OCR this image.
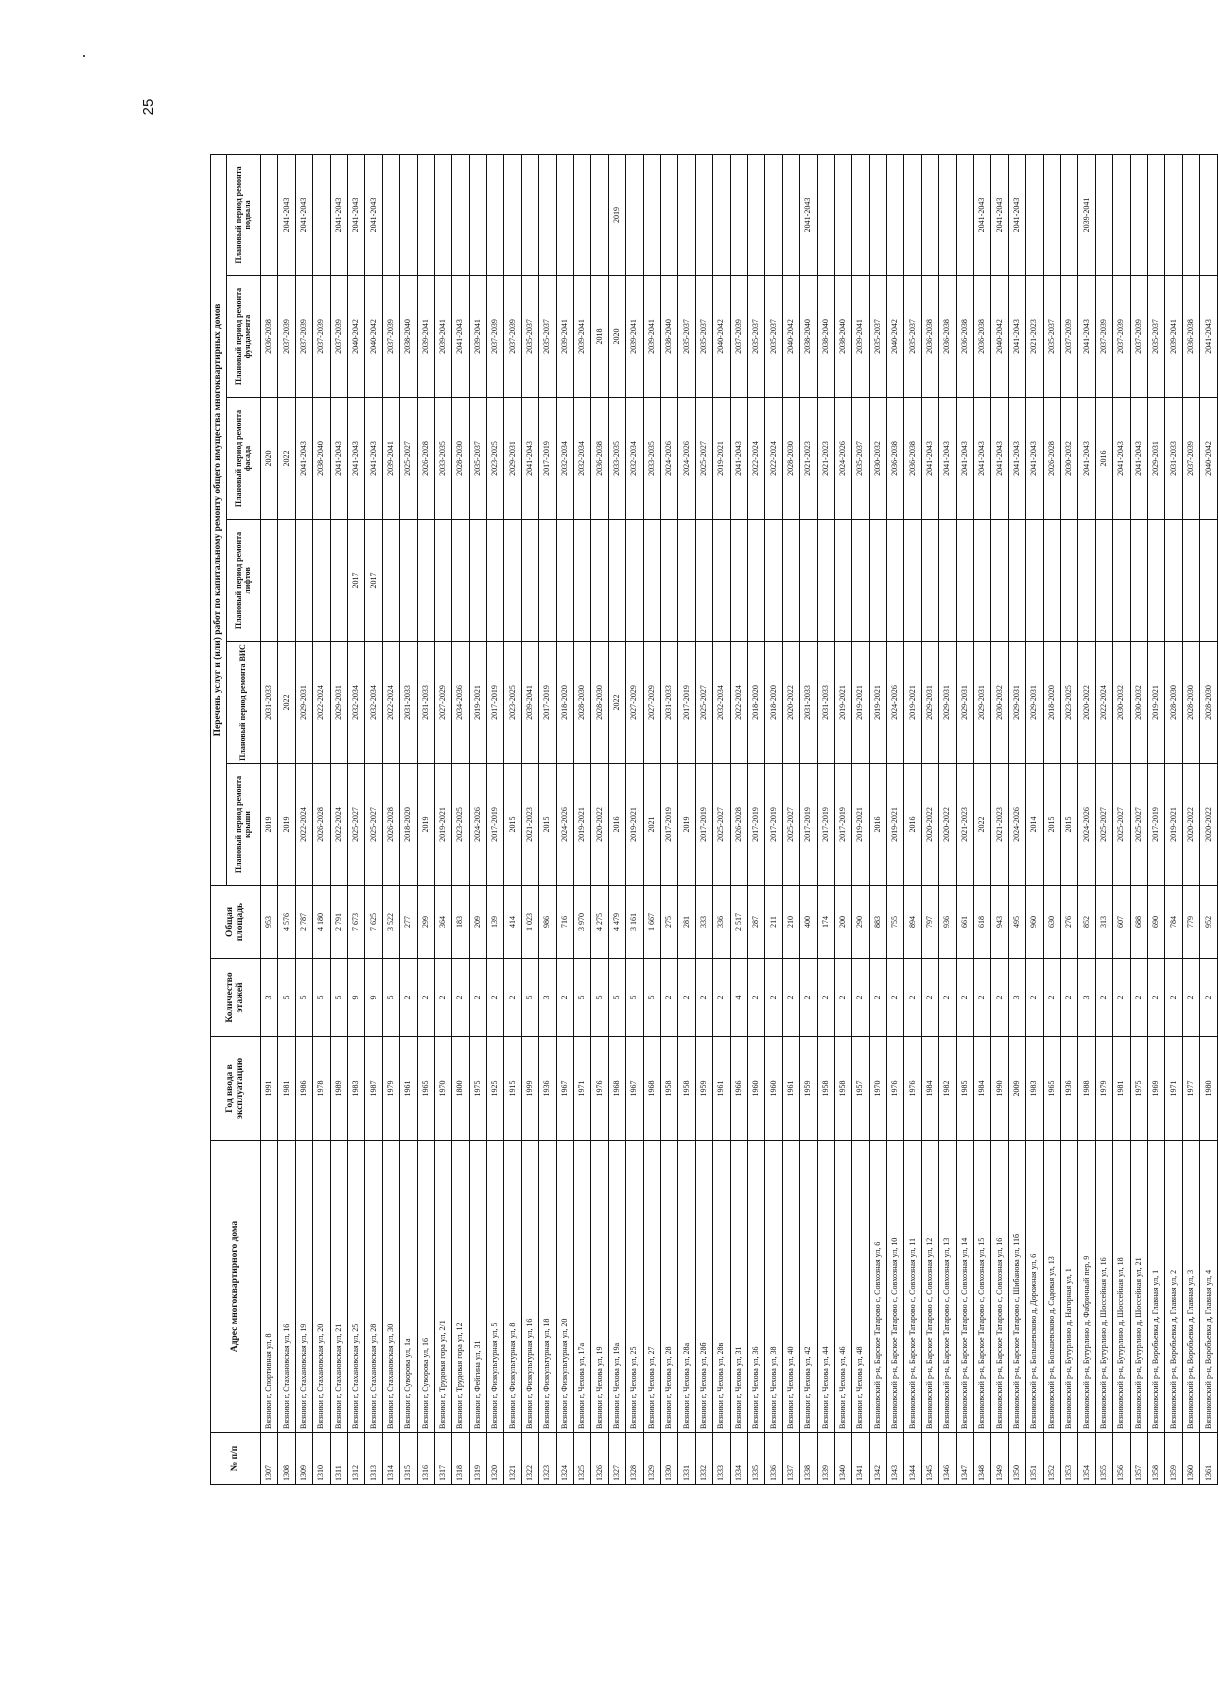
25
№ п/п	Адрес многоквартирного дома	Год ввода в эксплуатацию	Количество этажей	Общая площадь	Перечень услуг и (или) работ по капитальному ремонту общего имущества многоквартирных домов					
					Плановый период ремонта крыши	Плановый период ремонта ВИС	Плановый период ремонта лифтов	Плановый период ремонта фасада	Плановый период ремонта фундамента	Плановый период ремонта подвала
1307	Вязники г, Спортивная ул, 8	1991	3	953	2019	2031-2033		2020	2036-2038	
1308	Вязники г, Стахановская ул, 16	1981	5	4 576	2019	2022		2022	2037-2039	2041-2043
1309	Вязники г, Стахановская ул, 19	1986	5	2 787	2022-2024	2029-2031		2041-2043	2037-2039	2041-2043
1310	Вязники г, Стахановская ул, 20	1978	5	4 180	2026-2028	2022-2024		2038-2040	2037-2039	
1311	Вязники г, Стахановская ул, 21	1989	5	2 791	2022-2024	2029-2031		2041-2043	2037-2039	2041-2043
1312	Вязники г, Стахановская ул, 25	1983	9	7 673	2025-2027	2032-2034	2017	2041-2043	2040-2042	2041-2043
1313	Вязники г, Стахановская ул, 28	1987	9	7 625	2025-2027	2032-2034	2017	2041-2043	2040-2042	2041-2043
1314	Вязники г, Стахановская ул, 30	1979	5	3 522	2026-2028	2022-2024		2039-2041	2037-2039	
1315	Вязники г, Суворова ул, 1а	1961	2	277	2018-2020	2031-2033		2025-2027	2038-2040	
1316	Вязники г, Суворова ул, 16	1965	2	299	2019	2031-2033		2026-2028	2039-2041	
1317	Вязники г, Трудовая гора ул, 2/1	1970	2	364	2019-2021	2027-2029		2033-2035	2039-2041	
1318	Вязники г, Трудовая гора ул, 12	1800	2	183	2023-2025	2034-2036		2028-2030	2041-2043	
1319	Вязники г, Фейгина ул, 31	1975	2	209	2024-2026	2019-2021		2035-2037	2039-2041	
1320	Вязники г, Физкультурная ул, 5	1925	2	139	2017-2019	2017-2019		2023-2025	2037-2039	
1321	Вязники г, Физкультурная ул, 8	1915	2	414	2015	2023-2025		2029-2031	2037-2039	
1322	Вязники г, Физкультурная ул, 16	1999	5	1 023	2021-2023	2039-2041		2041-2043	2035-2037	
1323	Вязники г, Физкультурная ул, 18	1936	3	986	2015	2017-2019		2017-2019	2035-2037	
1324	Вязники г, Физкультурная ул, 20	1967	2	716	2024-2026	2018-2020		2032-2034	2039-2041	
1325	Вязники г, Чехова ул, 17а	1971	5	3 970	2019-2021	2028-2030		2032-2034	2039-2041	
1326	Вязники г, Чехова ул, 19	1976	5	4 275	2020-2022	2028-2030		2036-2038	2018	
1327	Вязники г, Чехова ул, 19а	1968	5	4 479	2016	2022		2033-2035	2020	2019
1328	Вязники г, Чехова ул, 25	1967	5	3 161	2019-2021	2027-2029		2032-2034	2039-2041	
1329	Вязники г, Чехова ул, 27	1968	5	1 667	2021	2027-2029		2033-2035	2039-2041	
1330	Вязники г, Чехова ул, 28	1958	2	275	2017-2019	2031-2033		2024-2026	2038-2040	
1331	Вязники г, Чехова ул, 28а	1958	2	281	2019	2017-2019		2024-2026	2035-2037	
1332	Вязники г, Чехова ул, 28б	1959	2	333	2017-2019	2025-2027		2025-2027	2035-2037	
1333	Вязники г, Чехова ул, 28в	1961	2	336	2025-2027	2032-2034		2019-2021	2040-2042	
1334	Вязники г, Чехова ул, 31	1966	4	2 517	2026-2028	2022-2024		2041-2043	2037-2039	
1335	Вязники г, Чехова ул, 36	1960	2	287	2017-2019	2018-2020		2022-2024	2035-2037	
1336	Вязники г, Чехова ул, 38	1960	2	211	2017-2019	2018-2020		2022-2024	2035-2037	
1337	Вязники г, Чехова ул, 40	1961	2	210	2025-2027	2020-2022		2028-2030	2040-2042	
1338	Вязники г, Чехова ул, 42	1959	2	400	2017-2019	2031-2033		2021-2023	2038-2040	2041-2043
1339	Вязники г, Чехова ул, 44	1958	2	174	2017-2019	2031-2033		2021-2023	2038-2040	
1340	Вязники г, Чехова ул, 46	1958	2	200	2017-2019	2019-2021		2024-2026	2038-2040	
1341	Вязники г, Чехова ул, 48	1957	2	290	2019-2021	2019-2021		2035-2037	2039-2041	
1342	Вязниковский р-н, Барское Татарово с, Совхозная ул, 6	1970	2	883	2016	2019-2021		2030-2032	2035-2037	
1343	Вязниковский р-н, Барское Татарово с, Совхозная ул, 10	1976	2	755	2019-2021	2024-2026		2036-2038	2040-2042	
1344	Вязниковский р-н, Барское Татарово с, Совхозная ул, 11	1976	2	894	2016	2019-2021		2036-2038	2035-2037	
1345	Вязниковский р-н, Барское Татарово с, Совхозная ул, 12	1984	2	797	2020-2022	2029-2031		2041-2043	2036-2038	
1346	Вязниковский р-н, Барское Татарово с, Совхозная ул, 13	1982	2	936	2020-2022	2029-2031		2041-2043	2036-2038	
1347	Вязниковский р-н, Барское Татарово с, Совхозная ул, 14	1985	2	661	2021-2023	2029-2031		2041-2043	2036-2038	
1348	Вязниковский р-н, Барское Татарово с, Совхозная ул, 15	1984	2	618	2022	2029-2031		2041-2043	2036-2038	2041-2043
1349	Вязниковский р-н, Барское Татарово с, Совхозная ул, 16	1990	2	943	2021-2023	2030-2032		2041-2043	2040-2042	2041-2043
1350	Вязниковский р-н, Барское Татарово с, Шибанова ул, 11б	2009	3	495	2024-2026	2029-2031		2041-2043	2041-2043	2041-2043
1351	Вязниковский р-н, Большевсково д, Дорожная ул, 6	1983	2	960	2014	2029-2031		2041-2043	2021-2023	
1352	Вязниковский р-н, Большевсково д, Садовая ул, 13	1965	2	630	2015	2018-2020		2026-2028	2035-2037	
1353	Вязниковский р-н, Бутурлино д, Нагорная ул, 1	1936	2	276	2015	2023-2025		2030-2032	2037-2039	
1354	Вязниковский р-н, Бутурлино д, Фабричный пер, 9	1988	3	852	2024-2026	2020-2022		2041-2043	2041-2043	2039-2041
1355	Вязниковский р-н, Бутурлино д, Шоссейная ул, 16	1979	2	313	2025-2027	2022-2024		2016	2037-2039	
1356	Вязниковский р-н, Бутурлино д, Шоссейная ул, 18	1981	2	607	2025-2027	2030-2032		2041-2043	2037-2039	
1357	Вязниковский р-н, Бутурлино д, Шоссейная ул, 21	1975	2	688	2025-2027	2030-2032		2041-2043	2037-2039	
1358	Вязниковский р-н, Воробьевка д, Главная ул, 1	1969	2	690	2017-2019	2019-2021		2029-2031	2035-2037	
1359	Вязниковский р-н, Воробьевка д, Главная ул, 2	1971	2	784	2019-2021	2028-2030		2031-2033	2039-2041	
1360	Вязниковский р-н, Воробьевка д, Главная ул, 3	1977	2	779	2020-2022	2028-2030		2037-2039	2036-2038	
1361	Вязниковский р-н, Воробьевка д, Главная ул, 4	1980	2	952	2020-2022	2028-2030		2040-2042	2041-2043	
